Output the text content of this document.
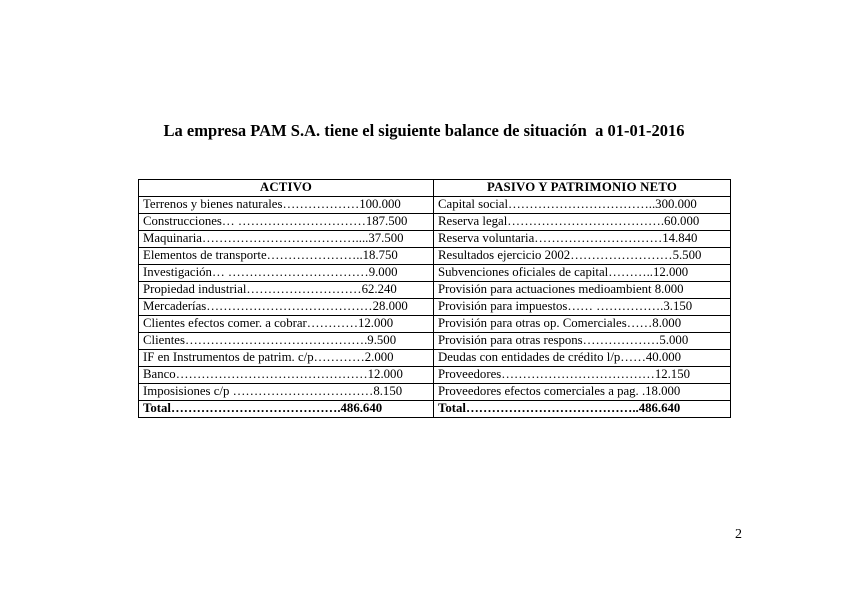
La empresa PAM S.A. tiene el siguiente balance de situación  a 01-01-2016
ACTIVO	PASIVO Y PATRIMONIO NETO
Terrenos y bienes naturales………………100.000	Capital social……………………………..300.000
Construcciones… …………………………187.500	Reserva legal……………………………….60.000
Maquinaria………………………………....37.500	Reserva voluntaria…………………………14.840
Elementos de transporte…………………..18.750	Resultados ejercicio 2002……………………5.500
Investigación… ……………………………9.000	Subvenciones oficiales de capital………..12.000
Propiedad industrial………………………62.240	Provisión para actuaciones medioambient 8.000
Mercaderías…………………………………28.000	Provisión para impuestos…… …………….3.150
Clientes efectos comer. a cobrar…………12.000	Provisión para otras op. Comerciales……8.000
Clientes…………………………………….9.500	Provisión para otras respons………………5.000
IF en Instrumentos de patrim. c/p…………2.000	Deudas con entidades de crédito l/p……40.000
Banco………………………………………12.000	Proveedores………………………………12.150
Imposisiones c/p ……………………………8.150	Proveedores efectos comerciales a pag. .18.000
Total………………………………….486.640	Total…………………………………..486.640
2
